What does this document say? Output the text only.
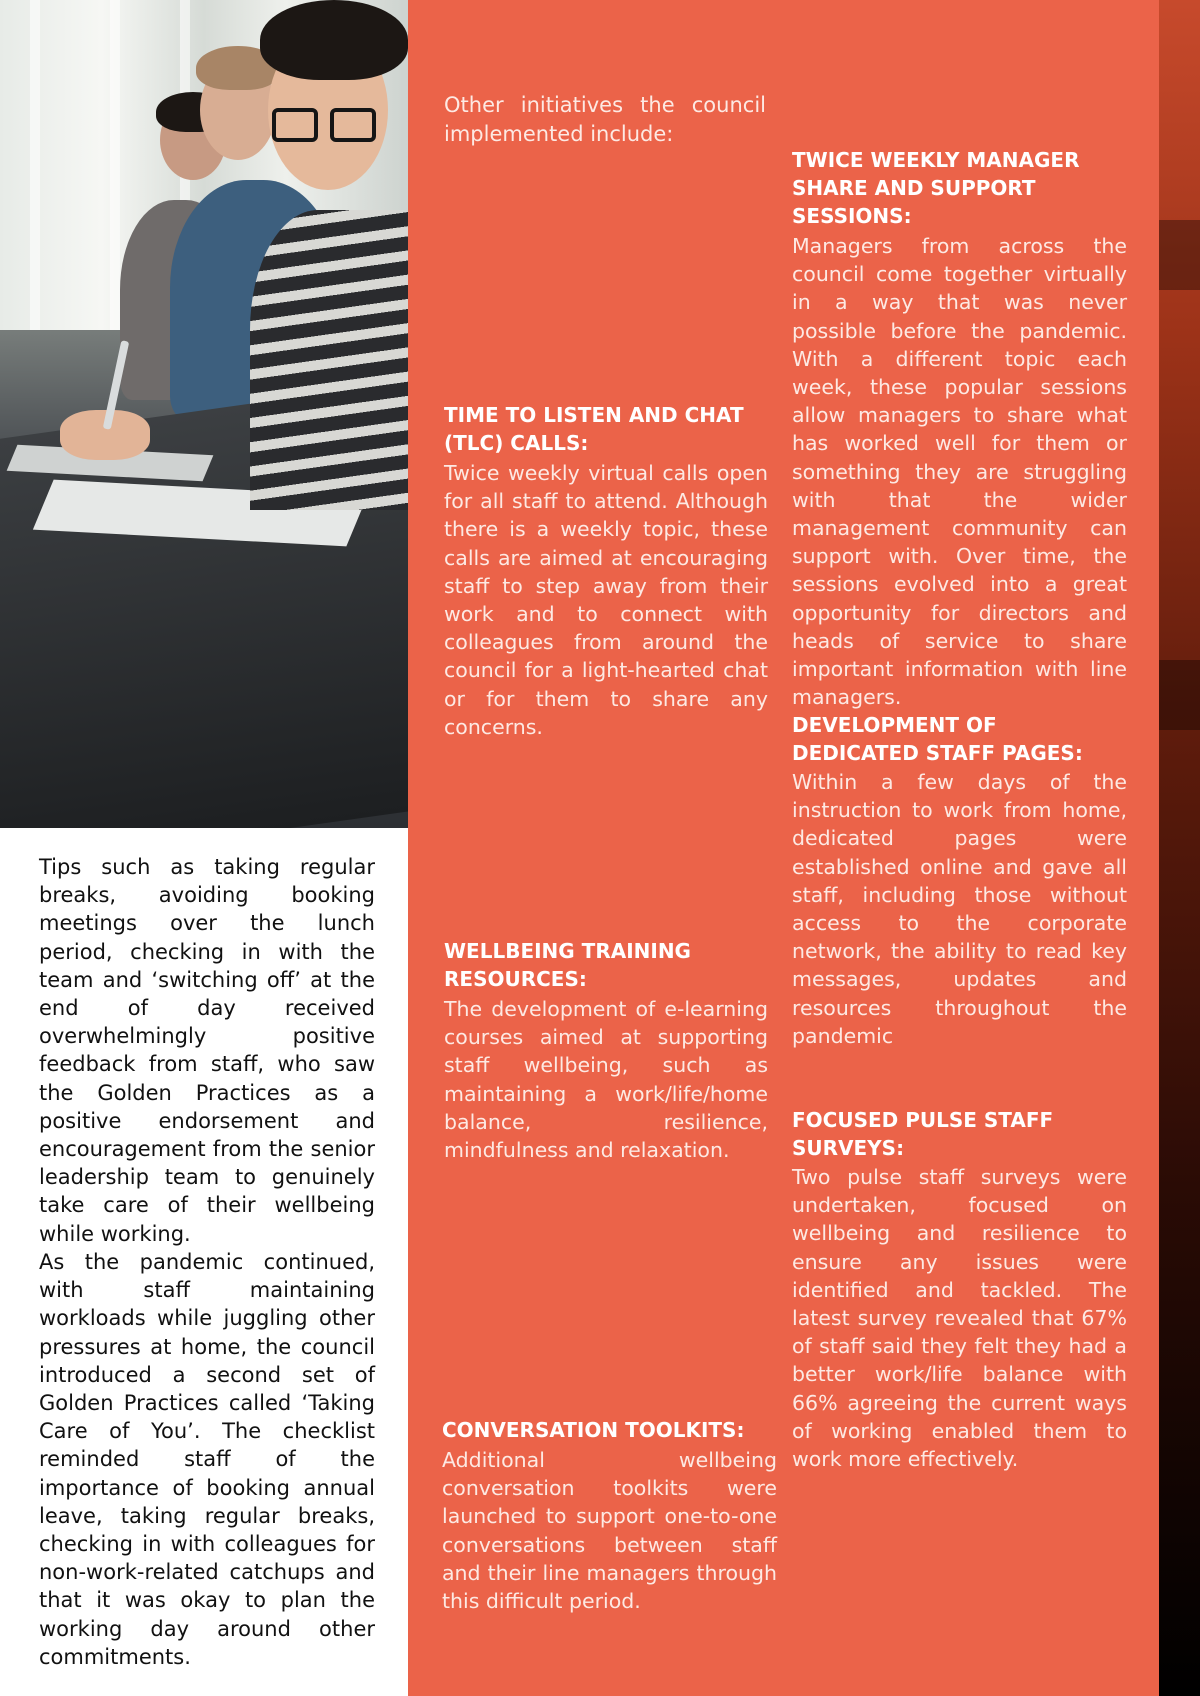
Tips such as taking regular breaks, avoiding booking meetings over the lunch period, checking in with the team and ‘switching off’ at the end of day received overwhelmingly positive feedback from staff, who saw the Golden Practices as a positive endorsement and encouragement from the senior leadership team to genuinely take care of their wellbeing while working.

As the pandemic continued, with staff maintaining workloads while juggling other pressures at home, the council introduced a second set of Golden Practices called ‘Taking Care of You’. The checklist reminded staff of the importance of booking annual leave, taking regular breaks, checking in with colleagues for non-work-related catchups and that it was okay to plan the working day around other commitments.

Other initiatives the council implemented include:

TIME TO LISTEN AND CHAT (TLC) CALLS:

Twice weekly virtual calls open for all staff to attend. Although there is a weekly topic, these calls are aimed at encouraging staff to step away from their work and to connect with colleagues from around the council for a light-hearted chat or for them to share any concerns.

WELLBEING TRAINING RESOURCES:

The development of e-learning courses aimed at supporting staff wellbeing, such as maintaining a work/life/home balance, resilience, mindfulness and relaxation.

CONVERSATION TOOLKITS:

Additional wellbeing conversation toolkits were launched to support one-to-one conversations between staff and their line managers through this difficult period.

TWICE WEEKLY MANAGER SHARE AND SUPPORT SESSIONS:

Managers from across the council come together virtually in a way that was never possible before the pandemic. With a different topic each week, these popular sessions allow managers to share what has worked well for them or something they are struggling with that the wider management community can support with. Over time, the sessions evolved into a great opportunity for directors and heads of service to share important information with line managers.

DEVELOPMENT OF DEDICATED STAFF PAGES:

Within a few days of the instruction to work from home, dedicated pages were established online and gave all staff, including those without access to the corporate network, the ability to read key messages, updates and resources throughout the pandemic

FOCUSED PULSE STAFF SURVEYS:

Two pulse staff surveys were undertaken, focused on wellbeing and resilience to ensure any issues were identified and tackled. The latest survey revealed that 67% of staff said they felt they had a better work/life balance with 66% agreeing the current ways of working enabled them to work more effectively.
